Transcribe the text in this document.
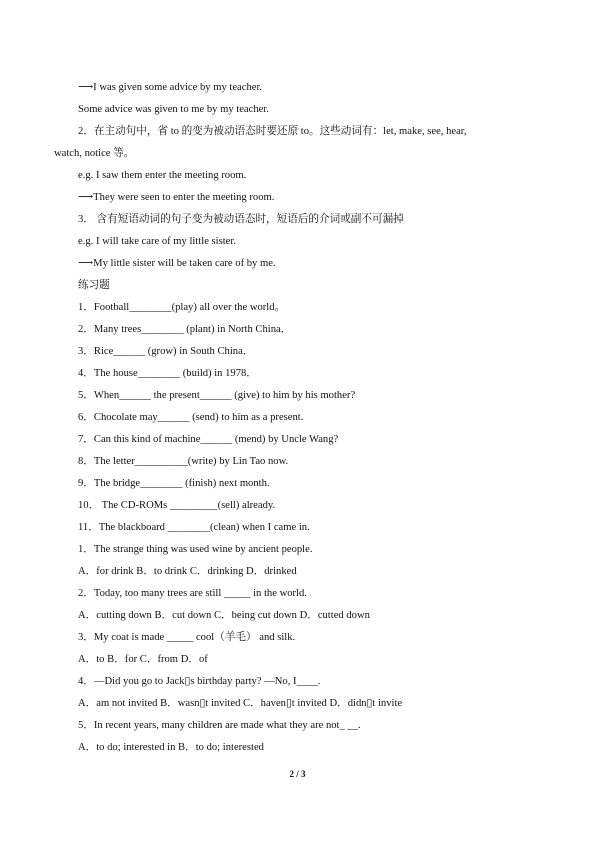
⟶I was given some advice by my teacher.
Some advice was given to me by my teacher.
2．在主动句中，省 to 的变为被动语态时要还原 to。这些动词有：let, make, see, hear,
watch, notice 等。
e.g. I saw them enter the meeting room.
⟶They were seen to enter the meeting room.
3． 含有短语动词的句子变为被动语态时，短语后的介词或副不可漏掉
e.g. I will take care of my little sister.
⟶My little sister will be taken care of by me.
练习题
1．Football________(play) all over the world。
2．Many trees________ (plant) in North China．
3．Rice______ (grow) in South China．
4．The house________ (build) in 1978．
5．When______ the present______ (give) to him by his mother?
6．Chocolate may______ (send) to him as a present.
7．Can this kind of machine______ (mend) by Uncle Wang?
8．The letter__________(write) by Lin Tao now.
9．The bridge________ (finish) next month.
10． The CD-ROMs _________(sell) already.
11．The blackboard ________(clean) when I came in.
1．The strange thing was used wine by ancient people.
A．for drink B．to drink C．drinking D．drinked
2．Today, too many trees are still _____ in the world.
A．cutting down B．cut down C．being cut down D．cutted down
3．My coat is made _____ cool（羊毛） and silk.
A．to B．for C．from D．of
4．—Did you go to Jack▯s birthday party? —No, I____.
A．am not invited B．wasn▯t invited C．haven▯t invited D．didn▯t invite
5．In recent years, many children are made what they are not_ __.
A．to do; interested in B．to do; interested
2 / 3
